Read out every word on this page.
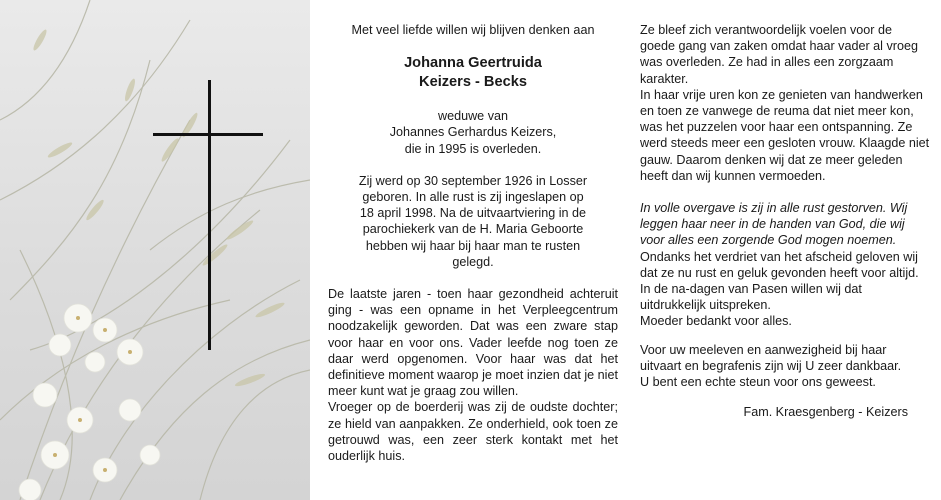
Met veel liefde willen wij blijven denken aan

Johanna Geertruida

Keizers - Becks

weduwe van

Johannes Gerhardus Keizers,

die in 1995 is overleden.

Zij werd op 30 september 1926 in Losser

geboren. In alle rust is zij ingeslapen op

18 april 1998. Na de uitvaartviering in de

parochiekerk van de H. Maria Geboorte

hebben wij haar bij haar man te rusten

gelegd.

De laatste jaren - toen haar gezondheid achteruit ging - was een opname in het Verpleegcentrum noodzakelijk geworden. Dat was een zware stap voor haar en voor ons. Vader leefde nog toen ze daar werd opgenomen. Voor haar was dat het definitieve moment waarop je moet inzien dat je niet meer kunt wat je graag zou willen.

Vroeger op de boerderij was zij de oudste dochter; ze hield van aanpakken. Ze onderhield, ook toen ze getrouwd was, een zeer sterk kontakt met het ouderlijk huis.

Ze bleef zich verantwoordelijk voelen voor de goede gang van zaken omdat haar vader al vroeg was overleden. Ze had in alles een zorgzaam karakter.

In haar vrije uren kon ze genieten van handwerken en toen ze vanwege de reuma dat niet meer kon, was het puzzelen voor haar een ontspanning. Ze werd steeds meer een gesloten vrouw. Klaagde niet gauw. Daarom denken wij dat ze meer geleden heeft dan wij kunnen vermoeden.

In volle overgave is zij in alle rust gestorven. Wij leggen haar neer in de handen van God, die wij voor alles een zorgende God mogen noemen.

Ondanks het verdriet van het afscheid geloven wij dat ze nu rust en geluk gevonden heeft voor altijd. In de na-dagen van Pasen willen wij dat uitdrukkelijk uitspreken.

Moeder bedankt voor alles.

Voor uw meeleven en aanwezigheid bij haar uitvaart en begrafenis zijn wij U zeer dankbaar.

U bent een echte steun voor ons geweest.

Fam. Kraesgenberg - Keizers
